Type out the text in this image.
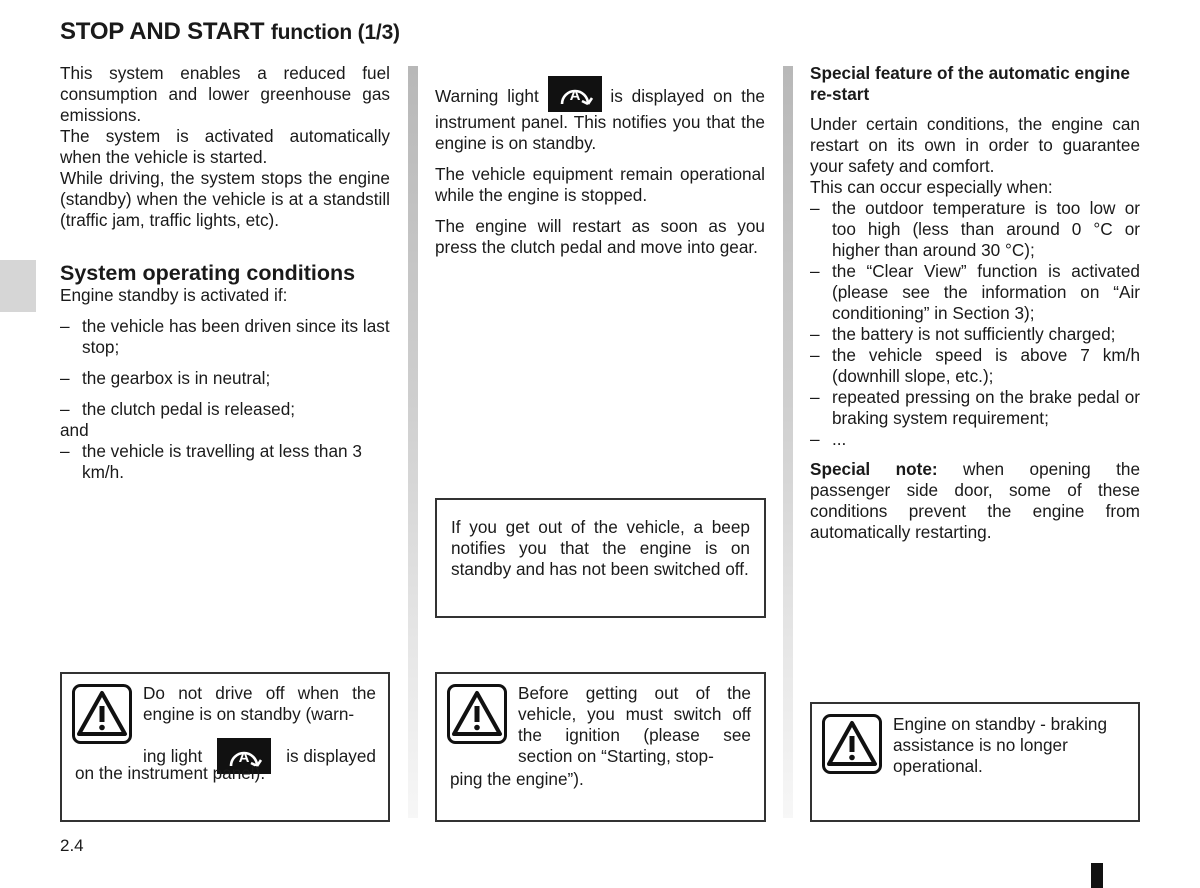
STOP AND START function (1/3)

This system enables a reduced fuel consumption and lower greenhouse gas emissions.

The system is activated automatically when the vehicle is started.

While driving, the system stops the engine (standby) when the vehicle is at a standstill (traffic jam, traffic lights, etc).

System operating conditions

Engine standby is activated if:

– the vehicle has been driven since its last stop;
– the gearbox is in neutral;
– the clutch pedal is released;

and

– the vehicle is travelling at less than 3 km/h.

Warning light A is displayed on the instrument panel. This notifies you that the engine is on standby.

The vehicle equipment remain operational while the engine is stopped.

The engine will restart as soon as you press the clutch pedal and move into gear.

If you get out of the vehicle, a beep notifies you that the engine is on standby and has not been switched off.

Special feature of the automatic engine re-start

Under certain conditions, the engine can restart on its own in order to guarantee your safety and comfort.

This can occur especially when:

– the outdoor temperature is too low or too high (less than around 0 °C or higher than around 30 °C);
– the “Clear View” function is activated (please see the information on “Air conditioning” in Section 3);
– the battery is not sufficiently charged;
– the vehicle speed is above 7 km/h (downhill slope, etc.);
– repeated pressing on the brake pedal or braking system requirement;
– ...

Special note: when opening the passenger side door, some of these conditions prevent the engine from automatically restarting.

Do not drive off when the engine is on standby (warn-
ing light A is displayed
on the instrument panel).
Before getting out of the vehicle, you must switch off the ignition (please see section on “Starting, stop-
ping the engine”).
Engine on standby - braking assistance is no longer operational.
2.4
